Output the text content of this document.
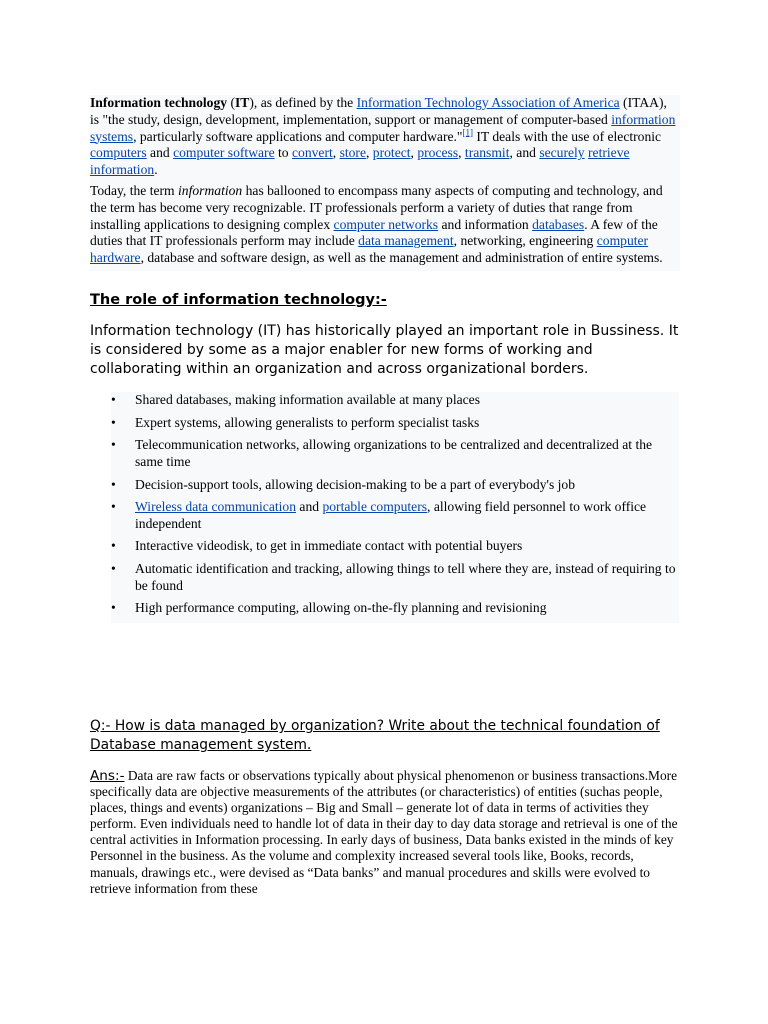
Information technology (IT), as defined by the Information Technology Association of America (ITAA), is "the study, design, development, implementation, support or management of computer-based information systems, particularly software applications and computer hardware."[1] IT deals with the use of electronic computers and computer software to convert, store, protect, process, transmit, and securely retrieve information.

Today, the term information has ballooned to encompass many aspects of computing and technology, and the term has become very recognizable. IT professionals perform a variety of duties that range from installing applications to designing complex computer networks and information databases. A few of the duties that IT professionals perform may include data management, networking, engineering computer hardware, database and software design, as well as the management and administration of entire systems.

The role of information technology:-

Information technology (IT) has historically played an important role in Bussiness. It is considered by some as a major enabler for new forms of working and collaborating within an organization and across organizational borders.

• Shared databases, making information available at many places
• Expert systems, allowing generalists to perform specialist tasks
• Telecommunication networks, allowing organizations to be centralized and decentralized at the same time
• Decision-support tools, allowing decision-making to be a part of everybody's job
• Wireless data communication and portable computers, allowing field personnel to work office independent
• Interactive videodisk, to get in immediate contact with potential buyers
• Automatic identification and tracking, allowing things to tell where they are, instead of requiring to be found
• High performance computing, allowing on-the-fly planning and revisioning

Q:- How is data managed by organization? Write about the technical foundation of Database management system.

Ans:- Data are raw facts or observations typically about physical phenomenon or business transactions.More specifically data are objective measurements of the attributes (or characteristics) of entities (suchas people, places, things and events) organizations – Big and Small – generate lot of data in terms of activities they perform. Even individuals need to handle lot of data in their day to day data storage and retrieval is one of the central activities in Information processing. In early days of business, Data banks existed in the minds of key Personnel in the business. As the volume and complexity increased several tools like, Books, records, manuals, drawings etc., were devised as “Data banks” and manual procedures and skills were evolved to retrieve information from these
